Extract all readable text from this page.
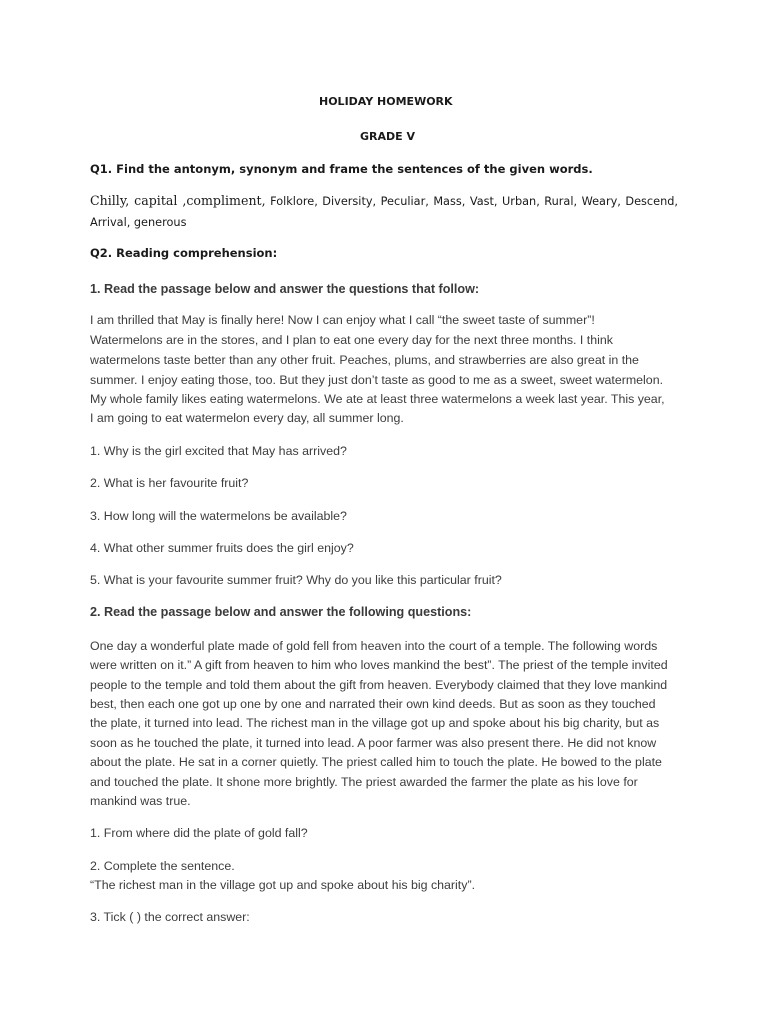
HOLIDAY HOMEWORK

GRADE V

Q1. Find the antonym, synonym and frame the sentences of the given words.

Chilly, capital ,compliment, Folklore, Diversity, Peculiar, Mass, Vast, Urban, Rural, Weary, Descend, Arrival, generous

Q2. Reading comprehension:

1. Read the passage below and answer the questions that follow:

I am thrilled that May is finally here! Now I can enjoy what I call “the sweet taste of summer”!

Watermelons are in the stores, and I plan to eat one every day for the next three months. I think

watermelons taste better than any other fruit. Peaches, plums, and strawberries are also great in the

summer. I enjoy eating those, too. But they just don’t taste as good to me as a sweet, sweet watermelon.

My whole family likes eating watermelons. We ate at least three watermelons a week last year. This year,

I am going to eat watermelon every day, all summer long.

1. Why is the girl excited that May has arrived?

2. What is her favourite fruit?

3. How long will the watermelons be available?

4. What other summer fruits does the girl enjoy?

5. What is your favourite summer fruit? Why do you like this particular fruit?

2. Read the passage below and answer the following questions:

One day a wonderful plate made of gold fell from heaven into the court of a temple. The following words

were written on it.” A gift from heaven to him who loves mankind the best”. The priest of the temple invited

people to the temple and told them about the gift from heaven. Everybody claimed that they love mankind

best, then each one got up one by one and narrated their own kind deeds. But as soon as they touched

the plate, it turned into lead. The richest man in the village got up and spoke about his big charity, but as

soon as he touched the plate, it turned into lead. A poor farmer was also present there. He did not know

about the plate. He sat in a corner quietly. The priest called him to touch the plate. He bowed to the plate

and touched the plate. It shone more brightly. The priest awarded the farmer the plate as his love for

mankind was true.

1. From where did the plate of gold fall?

2. Complete the sentence.

“The richest man in the village got up and spoke about his big charity”.

3. Tick ( ) the correct answer:
